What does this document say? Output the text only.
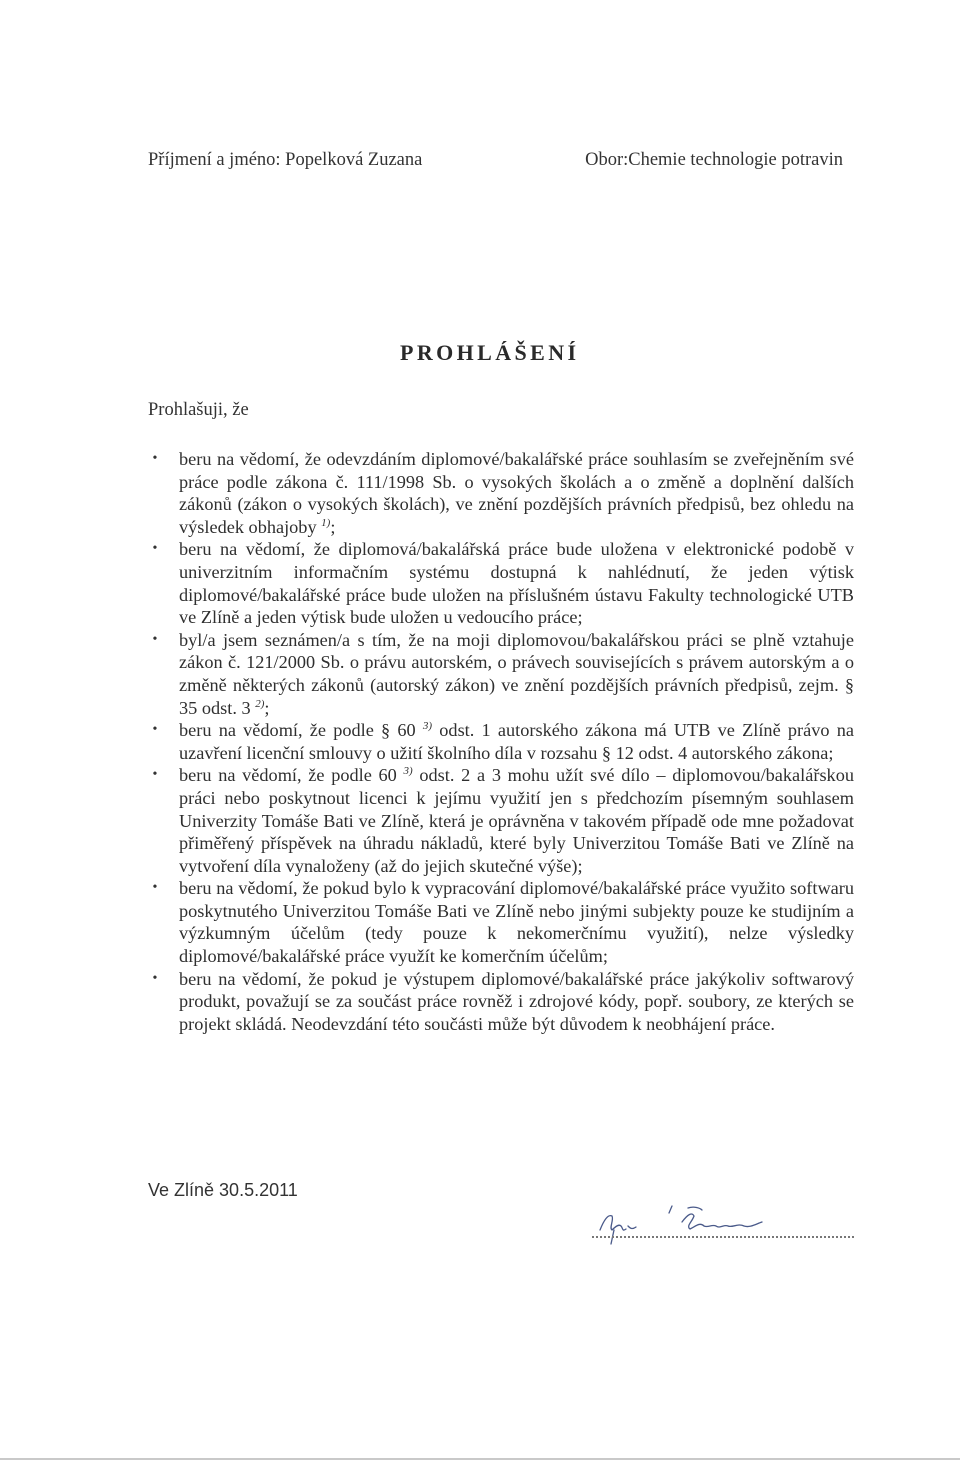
Příjmení a jméno: Popelková Zuzana	Obor:Chemie technologie potravin
PROHLÁŠENÍ
Prohlašuji, že
• beru na vědomí, že odevzdáním diplomové/bakalářské práce souhlasím se zveřejněním své práce podle zákona č. 111/1998 Sb. o vysokých školách a o změně a doplnění dalších zákonů (zákon o vysokých školách), ve znění pozdějších právních předpisů, bez ohledu na výsledek obhajoby $^{1)}$;
• beru na vědomí, že diplomová/bakalářská práce bude uložena v elektronické podobě v univerzitním informačním systému dostupná k nahlédnutí, že jeden výtisk diplomové/bakalářské práce bude uložen na příslušném ústavu Fakulty technologické UTB ve Zlíně a jeden výtisk bude uložen u vedoucího práce;
• byl/a jsem seznámen/a s tím, že na moji diplomovou/bakalářskou práci se plně vztahuje zákon č. 121/2000 Sb. o právu autorském, o právech souvisejících s právem autorským a o změně některých zákonů (autorský zákon) ve znění pozdějších právních předpisů, zejm. § 35 odst. 3 $^{2)}$;
• beru na vědomí, že podle § 60 $^{3)}$ odst. 1 autorského zákona má UTB ve Zlíně právo na uzavření licenční smlouvy o užití školního díla v rozsahu § 12 odst. 4 autorského zákona;
• beru na vědomí, že podle 60 $^{3)}$ odst. 2 a 3 mohu užít své dílo – diplomovou/bakalářskou práci nebo poskytnout licenci k jejímu využití jen s předchozím písemným souhlasem Univerzity Tomáše Bati ve Zlíně, která je oprávněna v takovém případě ode mne požadovat přiměřený příspěvek na úhradu nákladů, které byly Univerzitou Tomáše Bati ve Zlíně na vytvoření díla vynaloženy (až do jejich skutečné výše);
• beru na vědomí, že pokud bylo k vypracování diplomové/bakalářské práce využito softwaru poskytnutého Univerzitou Tomáše Bati ve Zlíně nebo jinými subjekty pouze ke studijním a výzkumným účelům (tedy pouze k nekomerčnímu využití), nelze výsledky diplomové/bakalářské práce využít ke komerčním účelům;
• beru na vědomí, že pokud je výstupem diplomové/bakalářské práce jakýkoliv softwarový produkt, považují se za součást práce rovněž i zdrojové kódy, popř. soubory, ze kterých se projekt skládá. Neodevzdání této součásti může být důvodem k neobhájení práce.
Ve Zlíně 30.5.2011
